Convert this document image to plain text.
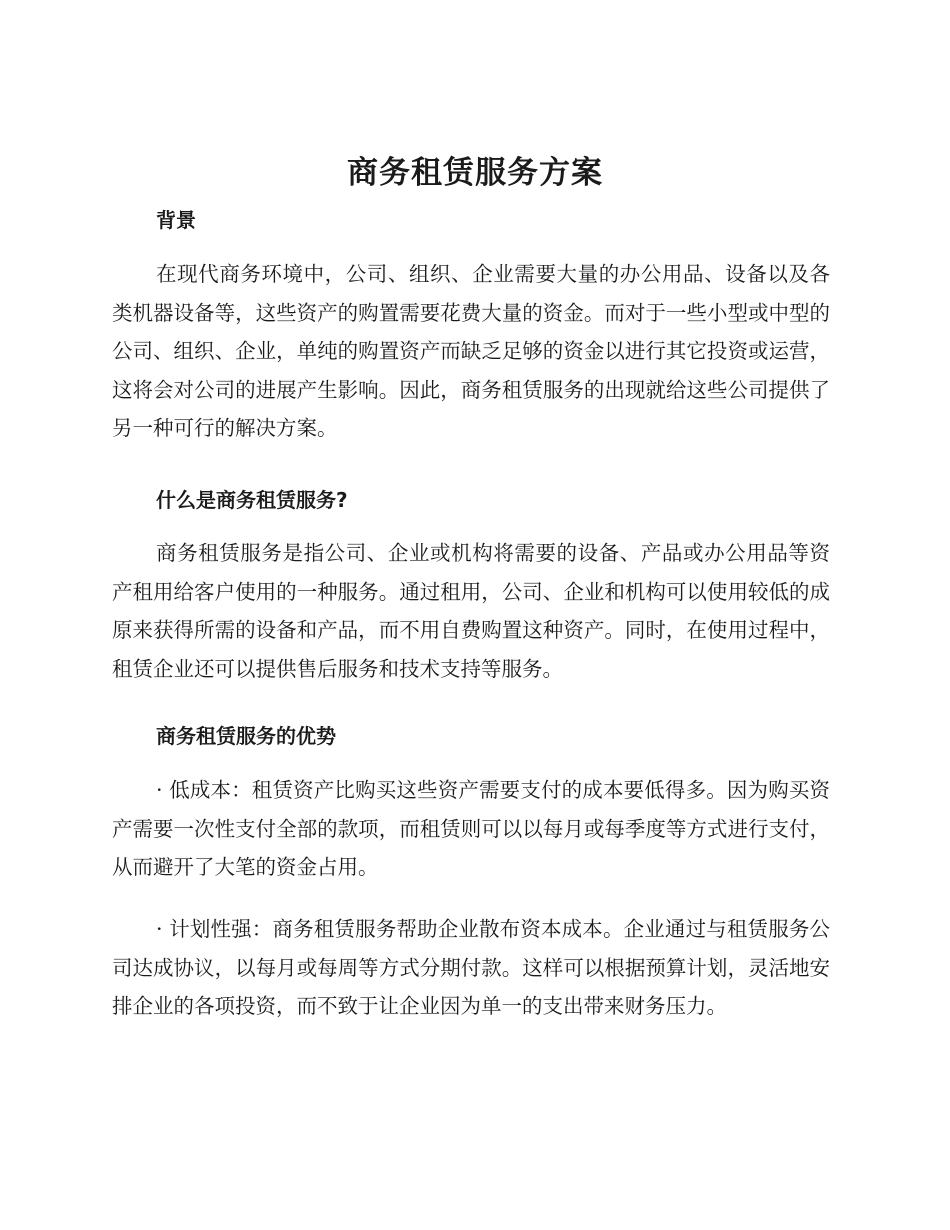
商务租赁服务方案
背景

在现代商务环境中，公司、组织、企业需要大量的办公用品、设备以及各类机器设备等，这些资产的购置需要花费大量的资金。而对于一些小型或中型的公司、组织、企业，单纯的购置资产而缺乏足够的资金以进行其它投资或运营，这将会对公司的进展产生影响。因此，商务租赁服务的出现就给这些公司提供了另一种可行的解决方案。

什么是商务租赁服务?

商务租赁服务是指公司、企业或机构将需要的设备、产品或办公用品等资产租用给客户使用的一种服务。通过租用，公司、企业和机构可以使用较低的成原来获得所需的设备和产品，而不用自费购置这种资产。同时，在使用过程中，租赁企业还可以提供售后服务和技术支持等服务。

商务租赁服务的优势

· 低成本：租赁资产比购买这些资产需要支付的成本要低得多。因为购买资产需要一次性支付全部的款项，而租赁则可以以每月或每季度等方式进行支付，从而避开了大笔的资金占用。

· 计划性强：商务租赁服务帮助企业散布资本成本。企业通过与租赁服务公司达成协议，以每月或每周等方式分期付款。这样可以根据预算计划，灵活地安排企业的各项投资，而不致于让企业因为单一的支出带来财务压力。
